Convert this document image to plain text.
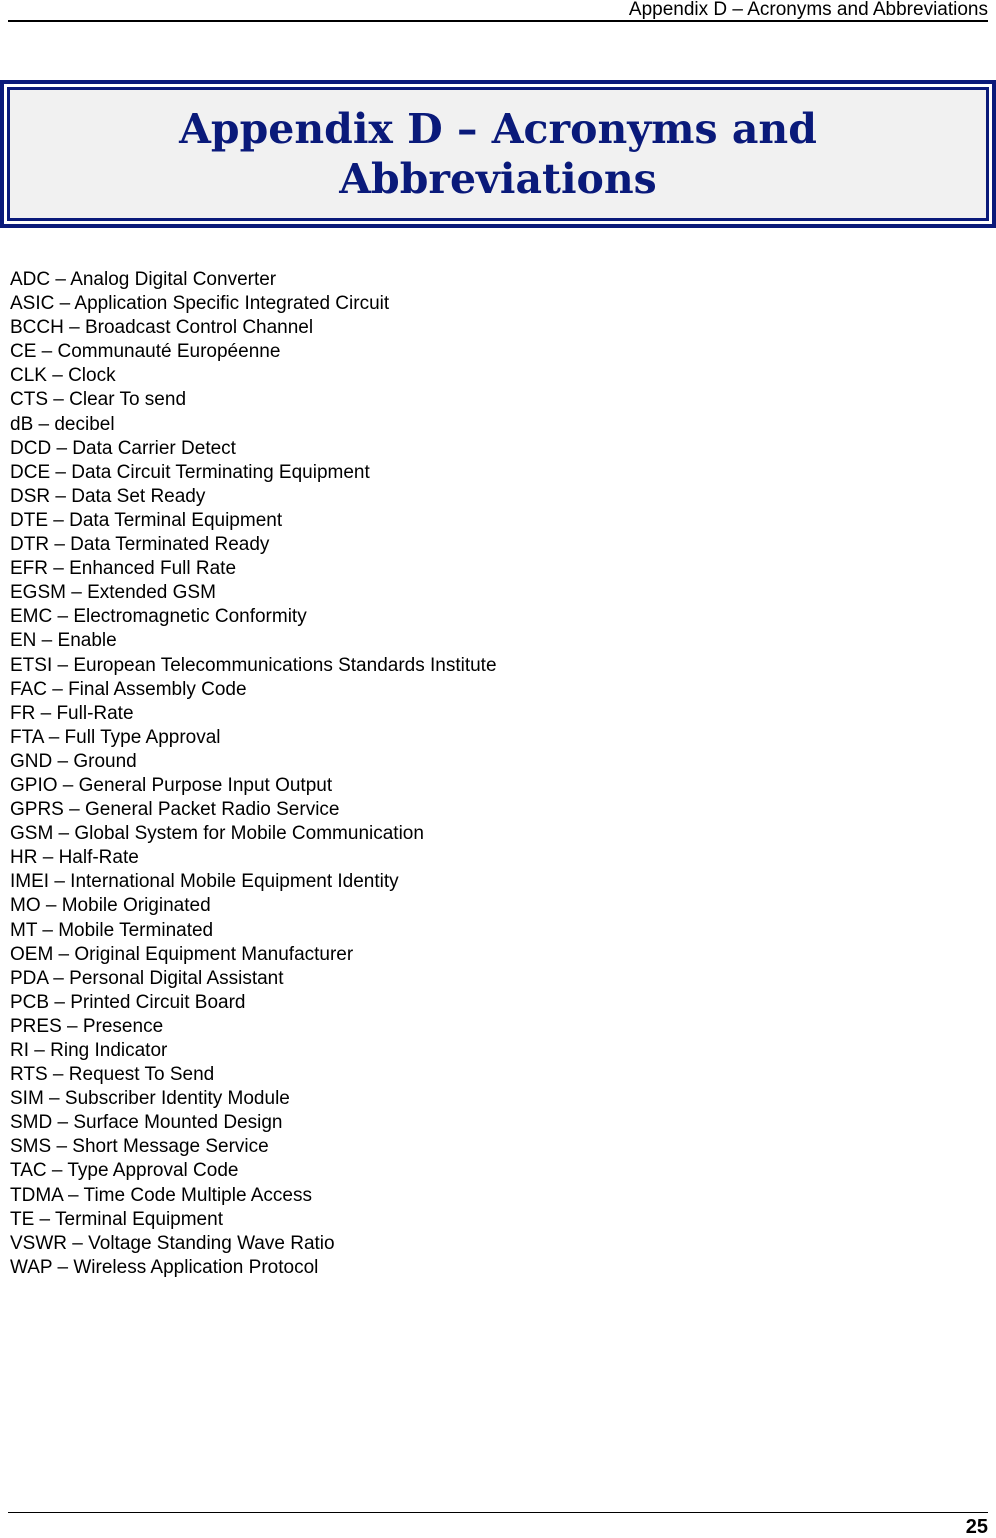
Appendix D – Acronyms and Abbreviations
Appendix D – Acronyms and Abbreviations
ADC – Analog Digital Converter
ASIC – Application Specific Integrated Circuit
BCCH – Broadcast Control Channel
CE – Communauté Européenne
CLK – Clock
CTS – Clear To send
dB – decibel
DCD – Data Carrier Detect
DCE – Data Circuit Terminating Equipment
DSR – Data Set Ready
DTE – Data Terminal Equipment
DTR – Data Terminated Ready
EFR – Enhanced Full Rate
EGSM – Extended GSM
EMC – Electromagnetic Conformity
EN – Enable
ETSI – European Telecommunications Standards Institute
FAC – Final Assembly Code
FR – Full-Rate
FTA – Full Type Approval
GND – Ground
GPIO – General Purpose Input Output
GPRS – General Packet Radio Service
GSM – Global System for Mobile Communication
HR – Half-Rate
IMEI – International Mobile Equipment Identity
MO – Mobile Originated
MT – Mobile Terminated
OEM – Original Equipment Manufacturer
PDA – Personal Digital Assistant
PCB – Printed Circuit Board
PRES – Presence
RI – Ring Indicator
RTS – Request To Send
SIM – Subscriber Identity Module
SMD – Surface Mounted Design
SMS – Short Message Service
TAC – Type Approval Code
TDMA – Time Code Multiple Access
TE – Terminal Equipment
VSWR – Voltage Standing Wave Ratio
WAP – Wireless Application Protocol
25
